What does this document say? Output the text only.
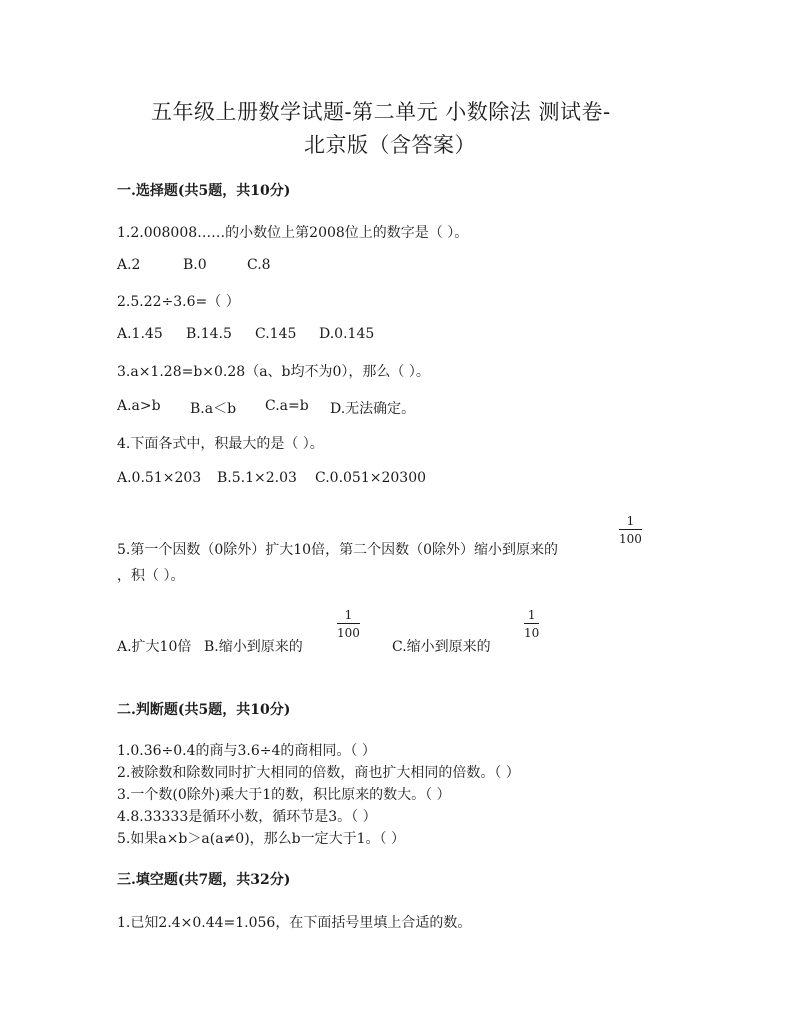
五年级上册数学试题-第二单元 小数除法 测试卷-
北京版（含答案）
一.选择题(共5题，共10分)
1.2.008008……的小数位上第2008位上的数字是（ ）。
A.2	B.0	C.8
2.5.22÷3.6=（ ）
A.1.45 B.14.5 C.145 D.0.145
3.a×1.28=b×0.28（a、b均不为0），那么（ ）。
A.a>b B.a＜b C.a=b D.无法确定。
4.下面各式中，积最大的是（ ）。
A.0.51×203 B.5.1×2.03 C.0.051×20300
5.第一个因数（0除外）扩大10倍，第二个因数（0除外）缩小到原来的
1
100
，积（ ）。
A.扩大10倍 B.缩小到原来的
1
100
C.缩小到原来的
1
10
二.判断题(共5题，共10分)
1.0.36÷0.4的商与3.6÷4的商相同。（ ）
2.被除数和除数同时扩大相同的倍数，商也扩大相同的倍数。（ ）
3.一个数(0除外)乘大于1的数，积比原来的数大。（ ）
4.8.33333是循环小数，循环节是3。（ ）
5.如果a×b＞a(a≠0)，那么b一定大于1。（ ）
三.填空题(共7题，共32分)
1.已知2.4×0.44=1.056，在下面括号里填上合适的数。
